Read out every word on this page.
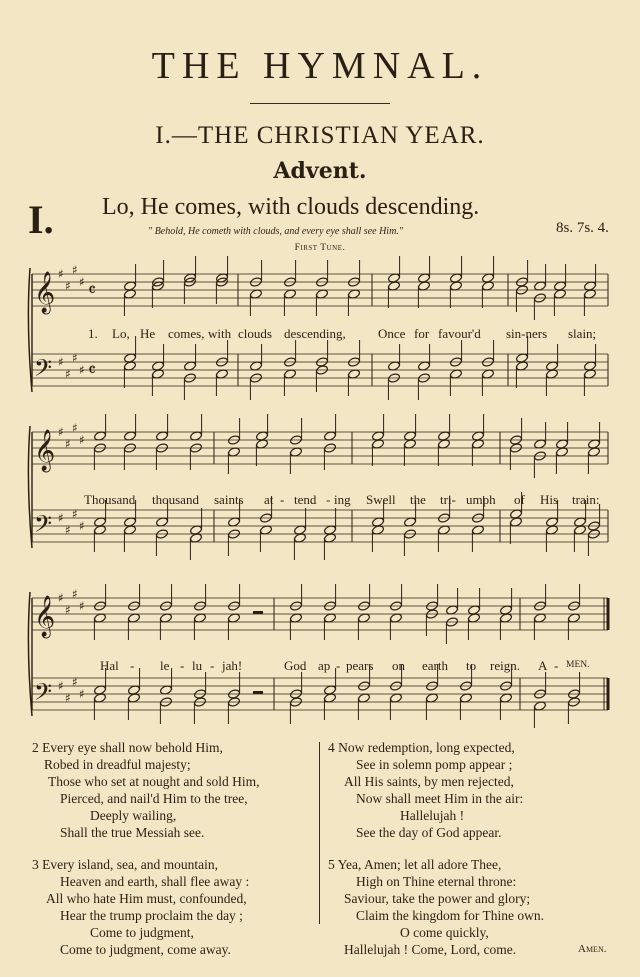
THE HYMNAL.
I.—THE CHRISTIAN YEAR.
Advent.
I. Lo, He comes, with clouds descending.
" Behold, He cometh with clouds, and every eye shall see Him."	8s. 7s. 4.
First Tune.
𝄞 ♯
♯
♯
♯ 𝄴
𝄢 ♯
♯
♯
♯ 𝄴
𝄞 ♯
♯
♯
♯
𝄢 ♯
♯
♯
♯
𝄞 ♯
♯
♯
♯
𝄢 ♯
♯
♯
♯
1. Lo, He comes, with clouds descending, Once for favour'd sin-ners slain;
Thousand thousand saints at - tend - ing Swell the tri- umph of His train:
Hal - le - lu - jah!	God ap - pears on earth to reign. A - MEN.
2 Every eye shall now behold Him,
Robed in dreadful majesty;
Those who set at nought and sold Him,
Pierced, and nail'd Him to the tree,
Deeply wailing,
Shall the true Messiah see.
3 Every island, sea, and mountain,
Heaven and earth, shall flee away :
All who hate Him must, confounded,
Hear the trump proclaim the day ;
Come to judgment,
Come to judgment, come away.
4 Now redemption, long expected,
See in solemn pomp appear ;
All His saints, by men rejected,
Now shall meet Him in the air:
Hallelujah !
See the day of God appear.
5 Yea, Amen; let all adore Thee,
High on Thine eternal throne:
Saviour, take the power and glory;
Claim the kingdom for Thine own.
O come quickly,
Hallelujah ! Come, Lord, come.	Amen.
